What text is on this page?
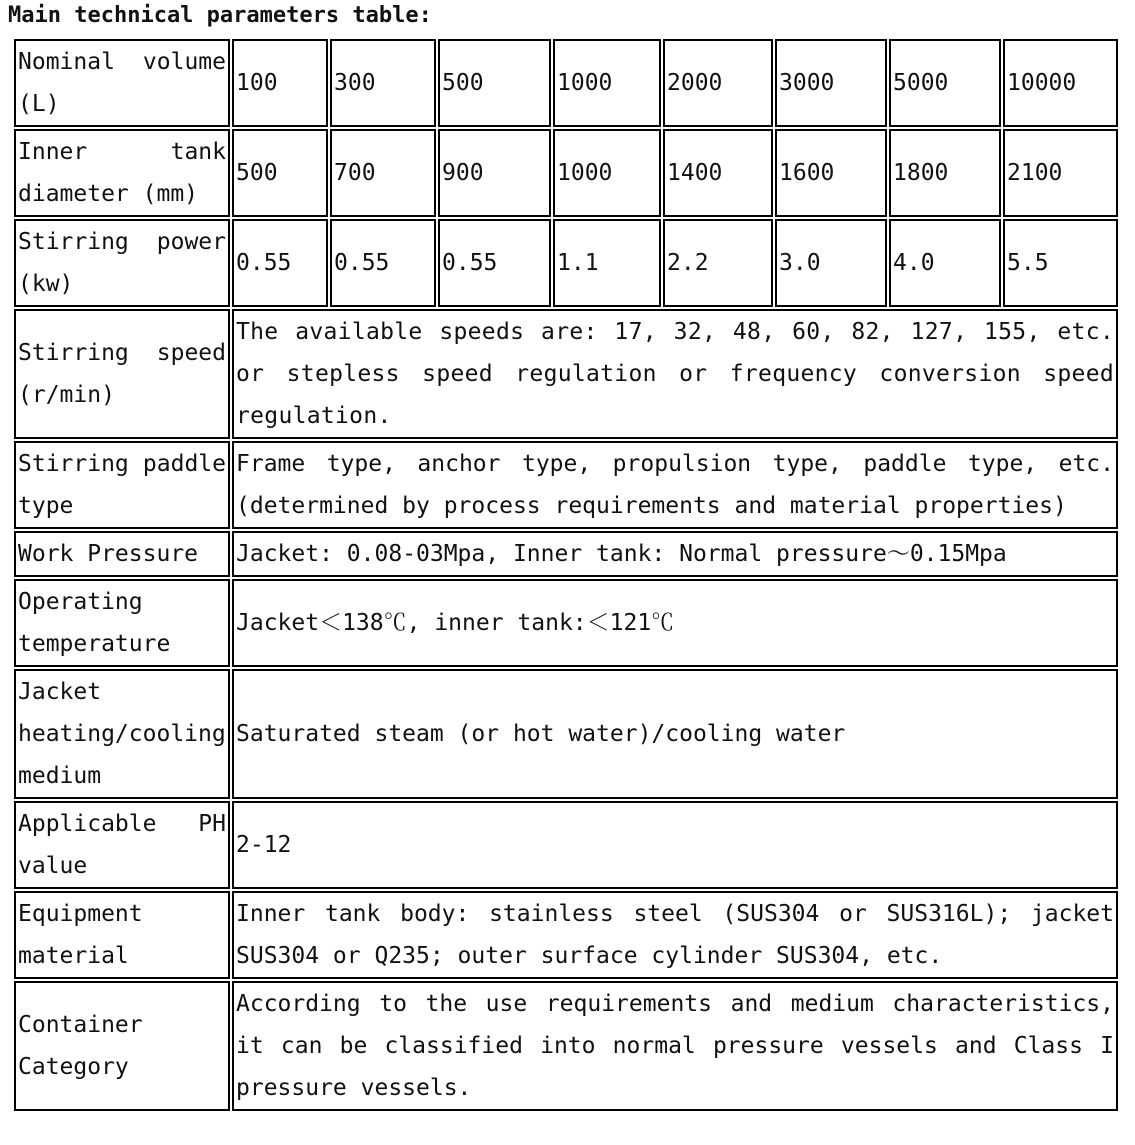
Main technical parameters table:
Nominal volume (L)	100	300	500	1000	2000	3000	5000	10000
Inner tank diameter (mm)	500	700	900	1000	1400	1600	1800	2100
Stirring power (kw)	0.55	0.55	0.55	1.1	2.2	3.0	4.0	5.5
Stirring speed (r/min)	The available speeds are: 17, 32, 48, 60, 82, 127, 155, etc. or stepless speed regulation or frequency conversion speed regulation.							
Stirring paddle type	Frame type, anchor type, propulsion type, paddle type, etc. (determined by process requirements and material properties)							
Work Pressure	Jacket: 0.08-03Mpa, Inner tank: Normal pressure～0.15Mpa							
Operating temperature	Jacket＜138℃, inner tank:＜121℃							
Jacket heating/cooling medium	Saturated steam (or hot water)/cooling water							
Applicable PH value	2-12							
Equipment material	Inner tank body: stainless steel (SUS304 or SUS316L); jacket SUS304 or Q235; outer surface cylinder SUS304, etc.							
Container Category	According to the use requirements and medium characteristics, it can be classified into normal pressure vessels and Class I pressure vessels.							
